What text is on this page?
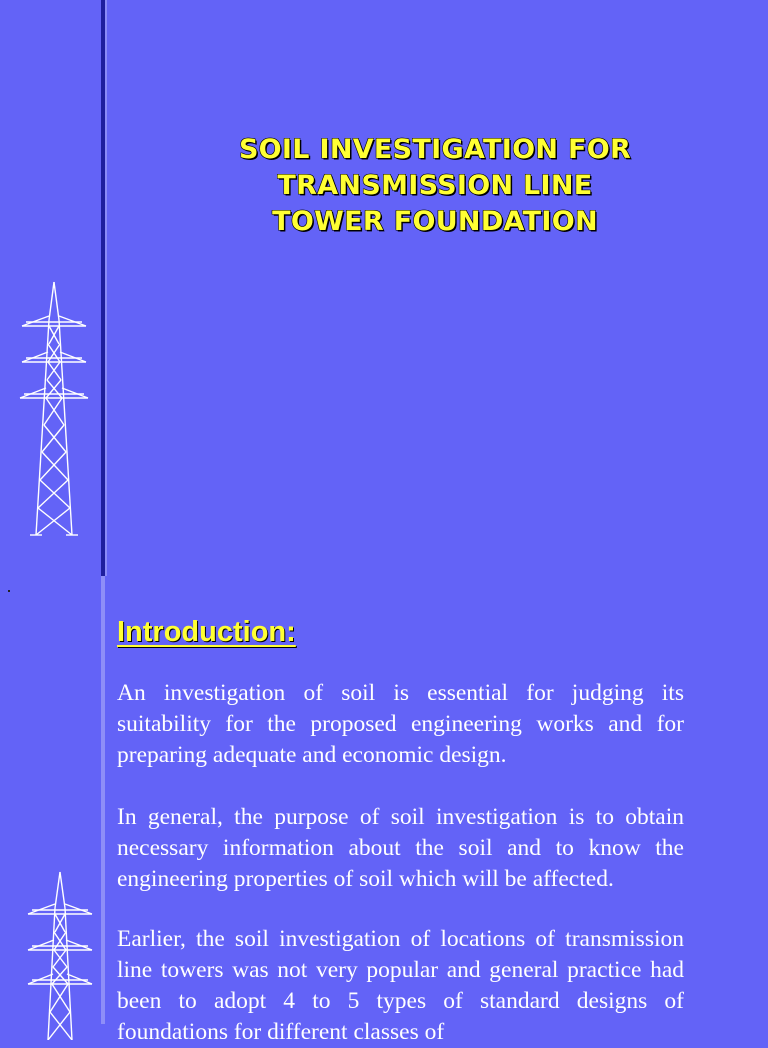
SOIL INVESTIGATION FOR
TRANSMISSION LINE
TOWER FOUNDATION
Introduction:

An investigation of soil is essential for judging its suitability for the proposed engineering works and for preparing adequate and economic design.

In general, the purpose of soil investigation is to obtain necessary information about the soil and to know the engineering properties of soil which will be affected.

Earlier, the soil investigation of locations of transmission line towers was not very popular and general practice had been to adopt 4 to 5 types of standard designs of foundations for different classes of
